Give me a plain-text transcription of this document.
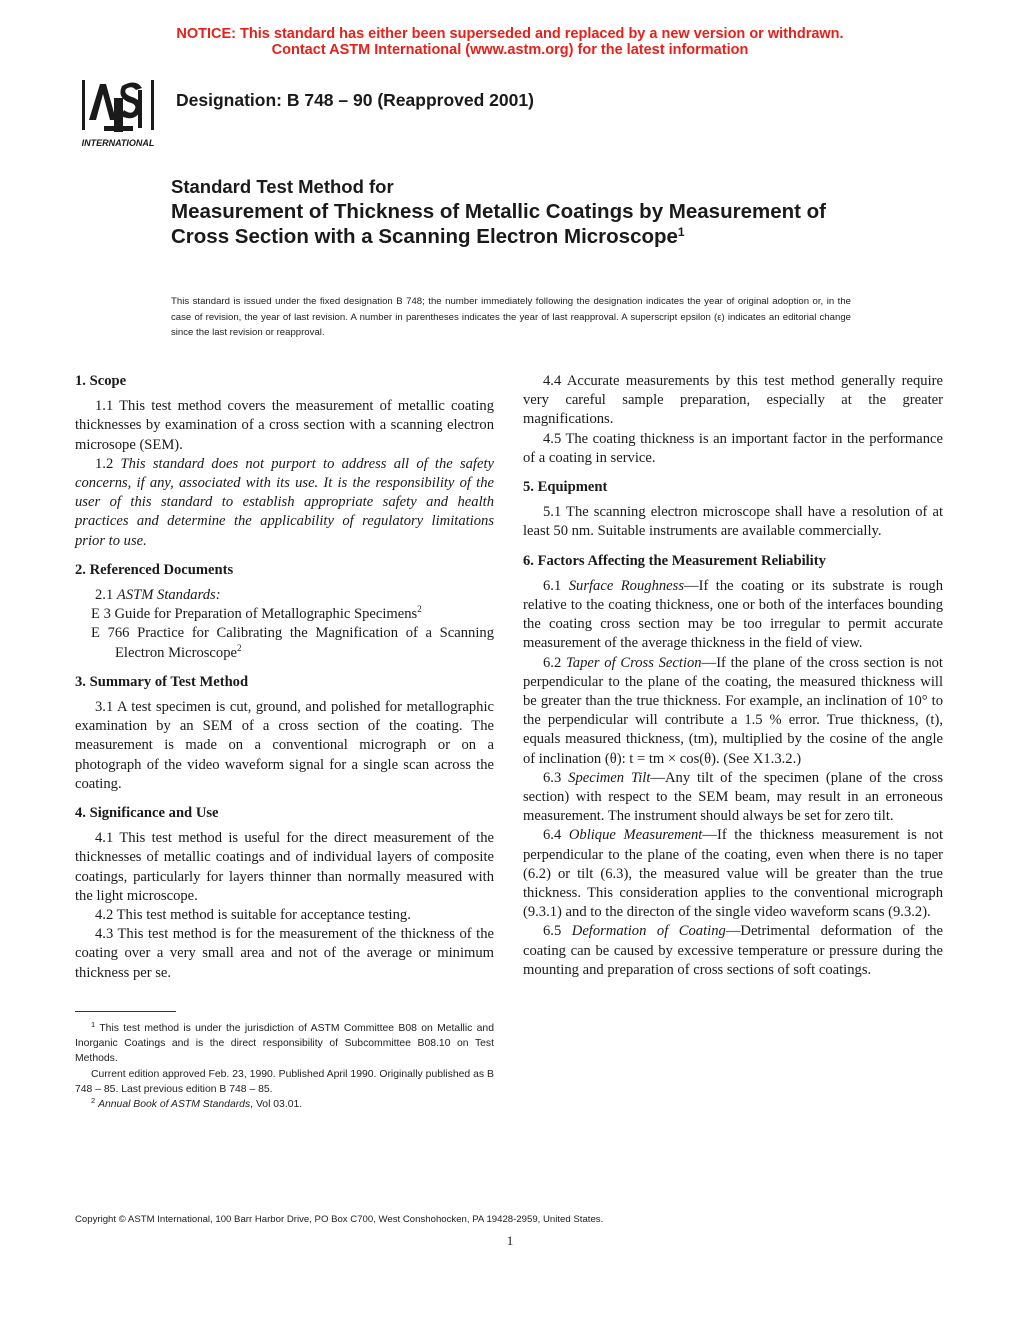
NOTICE: This standard has either been superseded and replaced by a new version or withdrawn.
Contact ASTM International (www.astm.org) for the latest information
INTERNATIONAL
Designation: B 748 – 90 (Reapproved 2001)
Standard Test Method for
Measurement of Thickness of Metallic Coatings by Measurement of Cross Section with a Scanning Electron Microscope$^1$
This standard is issued under the fixed designation B 748; the number immediately following the designation indicates the year of original adoption or, in the case of revision, the year of last revision. A number in parentheses indicates the year of last reapproval. A superscript epsilon (ε) indicates an editorial change since the last revision or reapproval.
1. Scope

1.1 This test method covers the measurement of metallic coating thicknesses by examination of a cross section with a scanning electron microsope (SEM).

1.2 This standard does not purport to address all of the safety concerns, if any, associated with its use. It is the responsibility of the user of this standard to establish appropriate safety and health practices and determine the applicability of regulatory limitations prior to use.

2. Referenced Documents

2.1 ASTM Standards:

E 3 Guide for Preparation of Metallographic Specimens$^2$

E 766 Practice for Calibrating the Magnification of a Scanning Electron Microscope$^2$

3. Summary of Test Method

3.1 A test specimen is cut, ground, and polished for metallographic examination by an SEM of a cross section of the coating. The measurement is made on a conventional micrograph or on a photograph of the video waveform signal for a single scan across the coating.

4. Significance and Use

4.1 This test method is useful for the direct measurement of the thicknesses of metallic coatings and of individual layers of composite coatings, particularly for layers thinner than normally measured with the light microscope.

4.2 This test method is suitable for acceptance testing.

4.3 This test method is for the measurement of the thickness of the coating over a very small area and not of the average or minimum thickness per se.

4.4 Accurate measurements by this test method generally require very careful sample preparation, especially at the greater magnifications.

4.5 The coating thickness is an important factor in the performance of a coating in service.

5. Equipment

5.1 The scanning electron microscope shall have a resolution of at least 50 nm. Suitable instruments are available commercially.

6. Factors Affecting the Measurement Reliability

6.1 Surface Roughness—If the coating or its substrate is rough relative to the coating thickness, one or both of the interfaces bounding the coating cross section may be too irregular to permit accurate measurement of the average thickness in the field of view.

6.2 Taper of Cross Section—If the plane of the cross section is not perpendicular to the plane of the coating, the measured thickness will be greater than the true thickness. For example, an inclination of 10° to the perpendicular will contribute a 1.5 % error. True thickness, (t), equals measured thickness, (tm), multiplied by the cosine of the angle of inclination (θ): t = tm × cos(θ). (See X1.3.2.)

6.3 Specimen Tilt—Any tilt of the specimen (plane of the cross section) with respect to the SEM beam, may result in an erroneous measurement. The instrument should always be set for zero tilt.

6.4 Oblique Measurement—If the thickness measurement is not perpendicular to the plane of the coating, even when there is no taper (6.2) or tilt (6.3), the measured value will be greater than the true thickness. This consideration applies to the conventional micrograph (9.3.1) and to the directon of the single video waveform scans (9.3.2).

6.5 Deformation of Coating—Detrimental deformation of the coating can be caused by excessive temperature or pressure during the mounting and preparation of cross sections of soft coatings.

$^1$ This test method is under the jurisdiction of ASTM Committee B08 on Metallic and Inorganic Coatings and is the direct responsibility of Subcommittee B08.10 on Test Methods.

Current edition approved Feb. 23, 1990. Published April 1990. Originally published as B 748 – 85. Last previous edition B 748 – 85.

$^2$ Annual Book of ASTM Standards, Vol 03.01.

Copyright © ASTM International, 100 Barr Harbor Drive, PO Box C700, West Conshohocken, PA 19428-2959, United States.
1
